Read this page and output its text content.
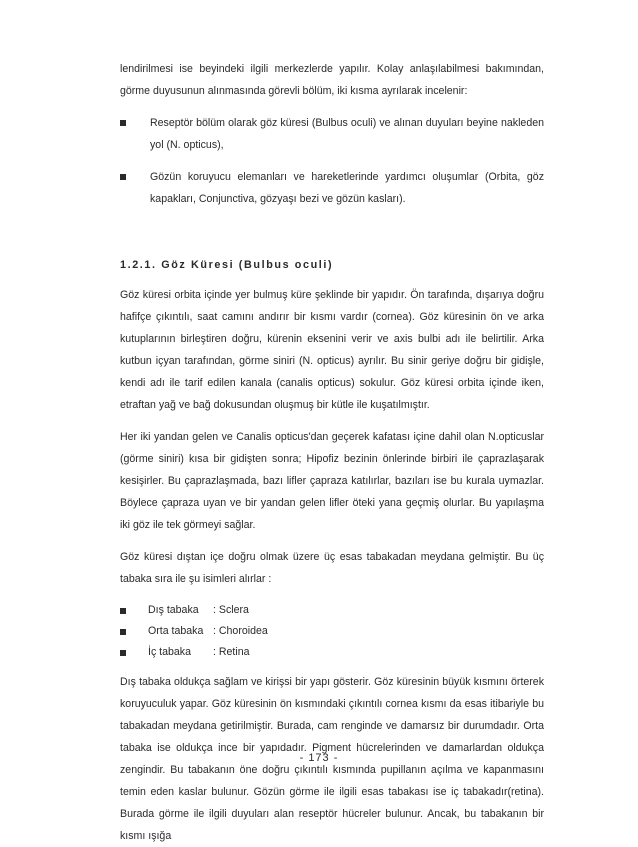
lendirilmesi ise beyindeki ilgili merkezlerde yapılır. Kolay anlaşılabilmesi bakımından, görme duyusunun alınmasında görevli bölüm, iki kısma ayrılarak incelenir:

Reseptör bölüm olarak göz küresi (Bulbus oculi) ve alınan duyuları beyine nakleden yol (N. opticus),

Gözün koruyucu elemanları ve hareketlerinde yardımcı oluşumlar (Orbita, göz kapakları, Conjunctiva, gözyaşı bezi ve gözün kasları).

1.2.1. Göz Küresi (Bulbus oculi)

Göz küresi orbita içinde yer bulmuş küre şeklinde bir yapıdır. Ön tarafında, dışarıya doğru hafifçe çıkıntılı, saat camını andırır bir kısmı vardır (cornea). Göz küresinin ön ve arka kutuplarının birleştiren doğru, kürenin eksenini verir ve axis bulbi adı ile belirtilir. Arka kutbun içyan tarafından, görme siniri (N. opticus) ayrılır. Bu sinir geriye doğru bir gidişle, kendi adı ile tarif edilen kanala (canalis opticus) sokulur. Göz küresi orbita içinde iken, etraftan yağ ve bağ dokusundan oluşmuş bir kütle ile kuşatılmıştır.

Her iki yandan gelen ve Canalis opticus'dan geçerek kafatası içine dahil olan N.opticuslar (görme siniri) kısa bir gidişten sonra; Hipofiz bezinin önlerinde birbiri ile çaprazlaşarak kesişirler. Bu çaprazlaşmada, bazı lifler çapraza katılırlar, bazıları ise bu kurala uymazlar. Böylece çapraza uyan ve bir yandan gelen lifler öteki yana geçmiş olurlar. Bu yapılaşma iki göz ile tek görmeyi sağlar.

Göz küresi dıştan içe doğru olmak üzere üç esas tabakadan meydana gelmiştir. Bu üç tabaka sıra ile şu isimleri alırlar :

Dış tabaka	: Sclera
Orta tabaka : Choroidea
İç tabaka	: Retina

Dış tabaka oldukça sağlam ve kirişsi bir yapı gösterir. Göz küresinin büyük kısmını örterek koruyuculuk yapar. Göz küresinin ön kısmındaki çıkıntılı cornea kısmı da esas itibariyle bu tabakadan meydana getirilmiştir. Burada, cam renginde ve damarsız bir durumdadır. Orta tabaka ise oldukça ince bir yapıdadır. Pigment hücrelerinden ve damarlardan oldukça zengindir. Bu tabakanın öne doğru çıkıntılı kısmında pupillanın açılma ve kapanmasını temin eden kaslar bulunur. Gözün görme ile ilgili esas tabakası ise iç tabakadır(retina). Burada görme ile ilgili duyuları alan reseptör hücreler bulunur. Ancak, bu tabakanın bir kısmı ışığa

- 173 -
